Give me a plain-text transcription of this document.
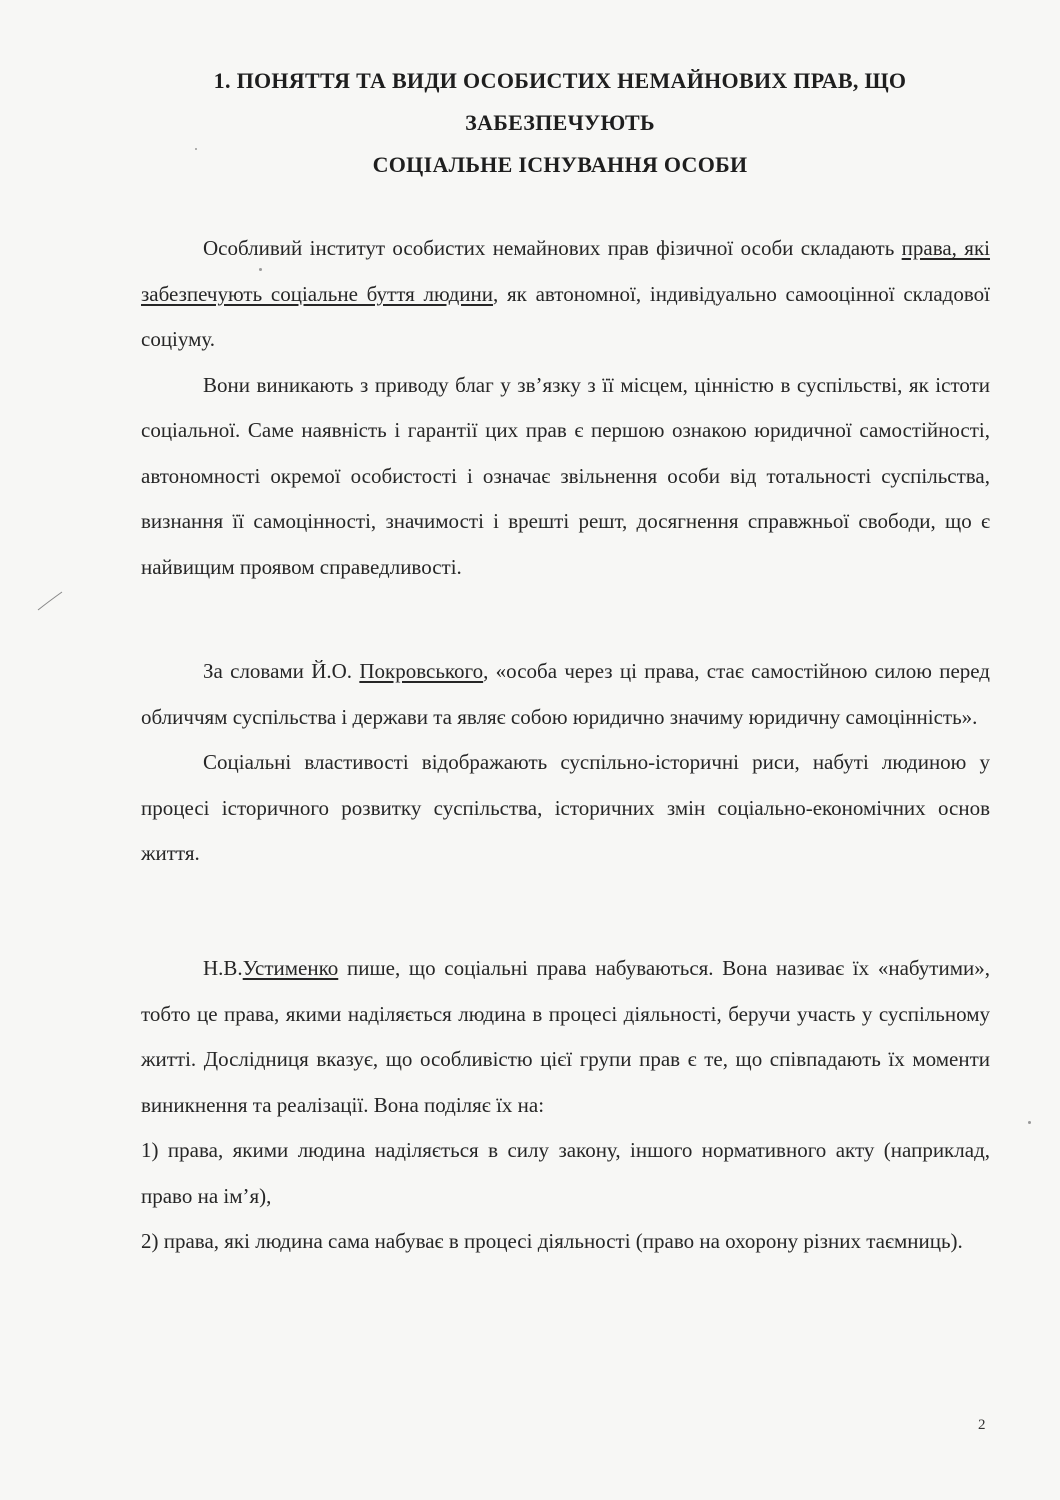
1. ПОНЯТТЯ ТА ВИДИ ОСОБИСТИХ НЕМАЙНОВИХ ПРАВ, ЩО
ЗАБЕЗПЕЧУЮТЬ
СОЦІАЛЬНЕ ІСНУВАННЯ ОСОБИ

Особливий інститут особистих немайнових прав фізичної особи складають права, які забезпечують соціальне буття людини, як автономної, індивідуально самооцінної складової соціуму.

Вони виникають з приводу благ у зв’язку з її місцем, цінністю в суспільстві, як істоти соціальної. Саме наявність і гарантії цих прав є першою ознакою юридичної самостійності, автономності окремої особистості і означає звільнення особи від тотальності суспільства, визнання її самоцінності, значимості і врешті решт, досягнення справжньої свободи, що є найвищим проявом справедливості.

За словами Й.О. Покровського, «особа через ці права, стає самостійною силою перед обличчям суспільства і держави та являє собою юридично значиму юридичну самоцінність».

Соціальні властивості відображають суспільно-історичні риси, набуті людиною у процесі історичного розвитку суспільства, історичних змін соціально-економічних основ життя.

Н.В.Устименко пише, що соціальні права набуваються. Вона називає їх «набутими», тобто це права, якими наділяється людина в процесі діяльності, беручи участь у суспільному житті. Дослідниця вказує, що особливістю цієї групи прав є те, що співпадають їх моменти виникнення та реалізації. Вона поділяє їх на:

1) права, якими людина наділяється в силу закону, іншого нормативного акту (наприклад, право на ім’я),

2) права, які людина сама набуває в процесі діяльності (право на охорону різних таємниць).

2
